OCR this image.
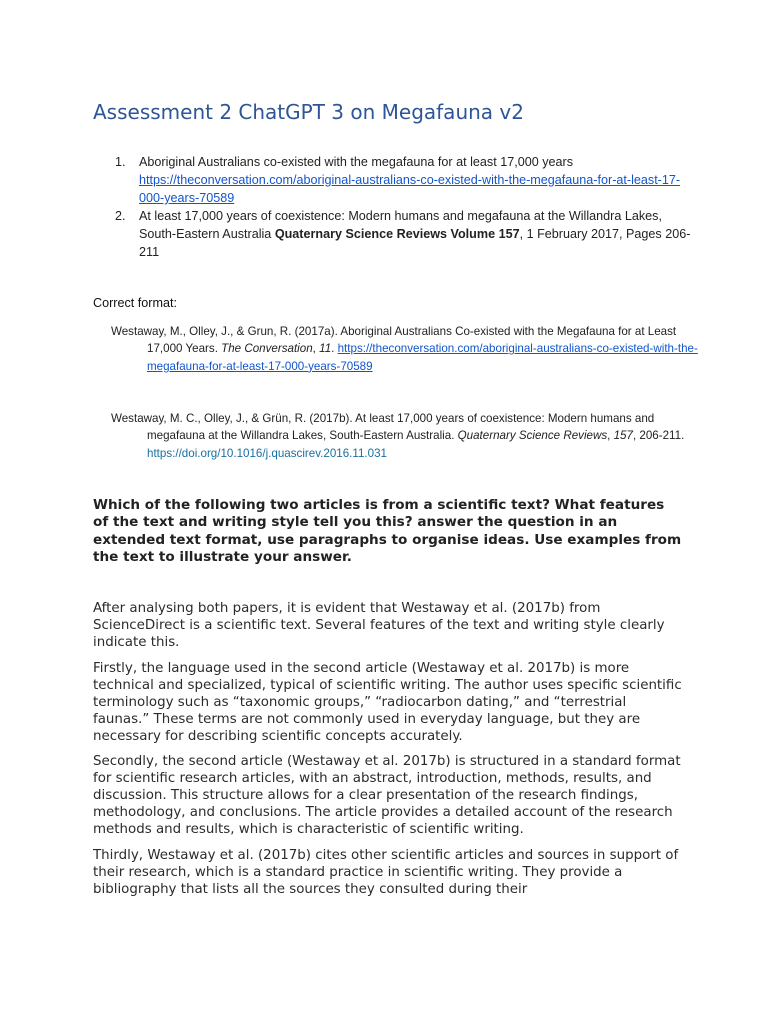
Assessment 2 ChatGPT 3 on Megafauna v2
1. Aboriginal Australians co-existed with the megafauna for at least 17,000 years https://theconversation.com/aboriginal-australians-co-existed-with-the-megafauna-for-at-least-17-000-years-70589
2. At least 17,000 years of coexistence: Modern humans and megafauna at the Willandra Lakes, South-Eastern Australia Quaternary Science Reviews Volume 157, 1 February 2017, Pages 206-211
Correct format:
Westaway, M., Olley, J., & Grun, R. (2017a). Aboriginal Australians Co-existed with the Megafauna for at Least 17,000 Years. The Conversation, 11. https://theconversation.com/aboriginal-australians-co-existed-with-the-megafauna-for-at-least-17-000-years-70589
Westaway, M. C., Olley, J., & Grün, R. (2017b). At least 17,000 years of coexistence: Modern humans and megafauna at the Willandra Lakes, South-Eastern Australia. Quaternary Science Reviews, 157, 206-211. https://doi.org/10.1016/j.quascirev.2016.11.031
Which of the following two articles is from a scientific text? What features of the text and writing style tell you this? answer the question in an extended text format, use paragraphs to organise ideas. Use examples from the text to illustrate your answer.

After analysing both papers, it is evident that Westaway et al. (2017b) from ScienceDirect is a scientific text. Several features of the text and writing style clearly indicate this.

Firstly, the language used in the second article (Westaway et al. 2017b) is more technical and specialized, typical of scientific writing. The author uses specific scientific terminology such as “taxonomic groups,” “radiocarbon dating,” and “terrestrial faunas.” These terms are not commonly used in everyday language, but they are necessary for describing scientific concepts accurately.

Secondly, the second article (Westaway et al. 2017b) is structured in a standard format for scientific research articles, with an abstract, introduction, methods, results, and discussion. This structure allows for a clear presentation of the research findings, methodology, and conclusions. The article provides a detailed account of the research methods and results, which is characteristic of scientific writing.

Thirdly, Westaway et al. (2017b) cites other scientific articles and sources in support of their research, which is a standard practice in scientific writing. They provide a bibliography that lists all the sources they consulted during their
